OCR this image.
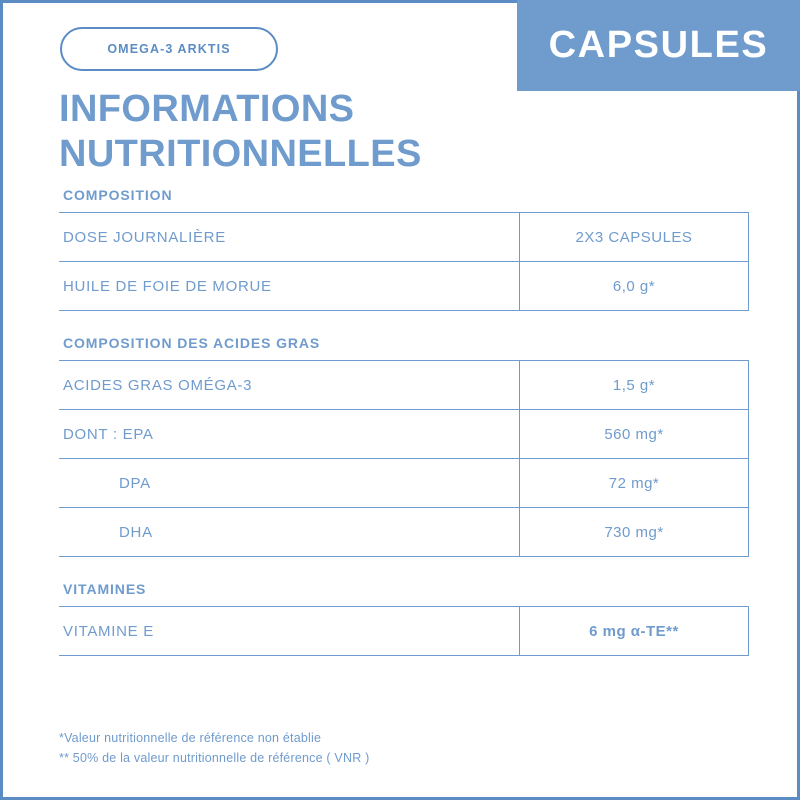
OMEGA-3 ARKTIS	CAPSULES
INFORMATIONS
NUTRITIONNELLES
COMPOSITION
DOSE JOURNALIÈRE	2X3 CAPSULES
HUILE DE FOIE DE MORUE	6,0 g*
COMPOSITION DES ACIDES GRAS
ACIDES GRAS OMÉGA-3	1,5 g*
DONT : EPA	560 mg*
DPA	72 mg*
DHA	730 mg*
VITAMINES
VITAMINE E	6 mg α-TE**
*Valeur nutritionnelle de référence non établie
** 50% de la valeur nutritionnelle de référence ( VNR )
